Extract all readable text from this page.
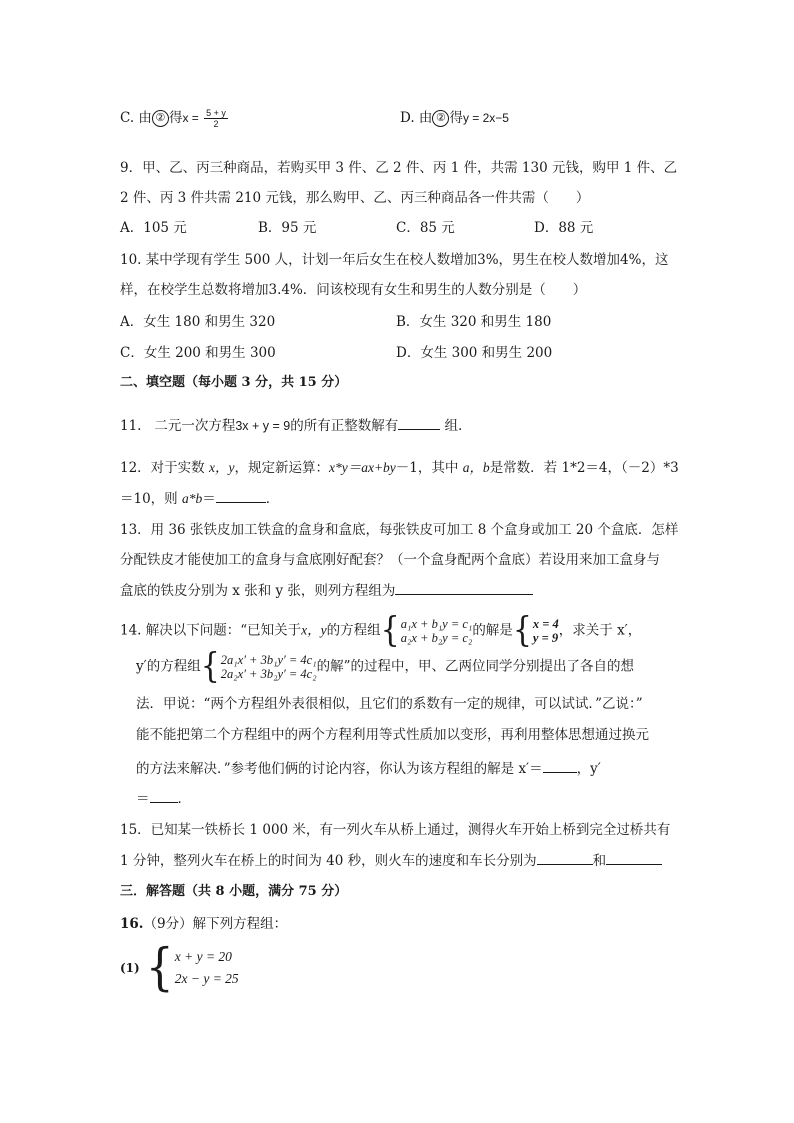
C. 由 ② 得$x = \frac{5 + y}{2}$	D. 由 ② 得y = 2x−5
9．甲、乙、丙三种商品，若购买甲 3 件、乙 2 件、丙 1 件，共需 130 元钱，购甲 1 件、乙
2 件、丙 3 件共需 210 元钱，那么购甲、乙、丙三种商品各一件共需（　　）
A．105 元	B．95 元	C．85 元	D．88 元
10. 某中学现有学生 500 人，计划一年后女生在校人数增加3%，男生在校人数增加4%，这
样，在校学生总数将增加3.4%．问该校现有女生和男生的人数分别是（　　）
A．女生 180 和男生 320	B．女生 320 和男生 180
C．女生 200 和男生 300	D．女生 300 和男生 200
二、填空题（每小题 3 分，共 15 分）
11. 二元一次方程3x + y = 9的所有正整数解有	组.
12．对于实数 x，y，规定新运算：x*y＝ax+by－1，其中 a，b是常数．若 1*2＝4，（－2）*3
＝10，则 a*b＝	．
13．用 36 张铁皮加工铁盒的盒身和盒底，每张铁皮可加工 8 个盒身或加工 20 个盒底．怎样
分配铁皮才能使加工的盒身与盒底刚好配套？（一个盒身配两个盒底）若设用来加工盒身与
盒底的铁皮分别为 x 张和 y 张，则列方程组为
14. 解决以下问题：“已知关于x，y的方程组 { a₁x + b₁y = c₁
a₂x + b₂y = c₂ 的解是 { x = 4
y = 9 ，求关于 x′，
y′的方程组 { 2a₁x′ + 3b₁y′ = 4c₁
2a₂x′ + 3b₂y′ = 4c₂ 的解”的过程中，甲、乙两位同学分别提出了各自的想
法．甲说：“两个方程组外表很相似，且它们的系数有一定的规律，可以试试．”乙说：”
能不能把第二个方程组中的两个方程利用等式性质加以变形，再利用整体思想通过换元
的方法来解决．”参考他们俩的讨论内容，你认为该方程组的解是 x′＝	，y′
＝ ．
15．已知某一铁桥长 1 000 米，有一列火车从桥上通过，测得火车开始上桥到完全过桥共有
1 分钟，整列火车在桥上的时间为 40 秒，则火车的速度和车长分别为	和
三．解答题（共 8 小题，满分 75 分）
16.（9分）解下列方程组：
(1) { x + y = 20
2x − y = 25
